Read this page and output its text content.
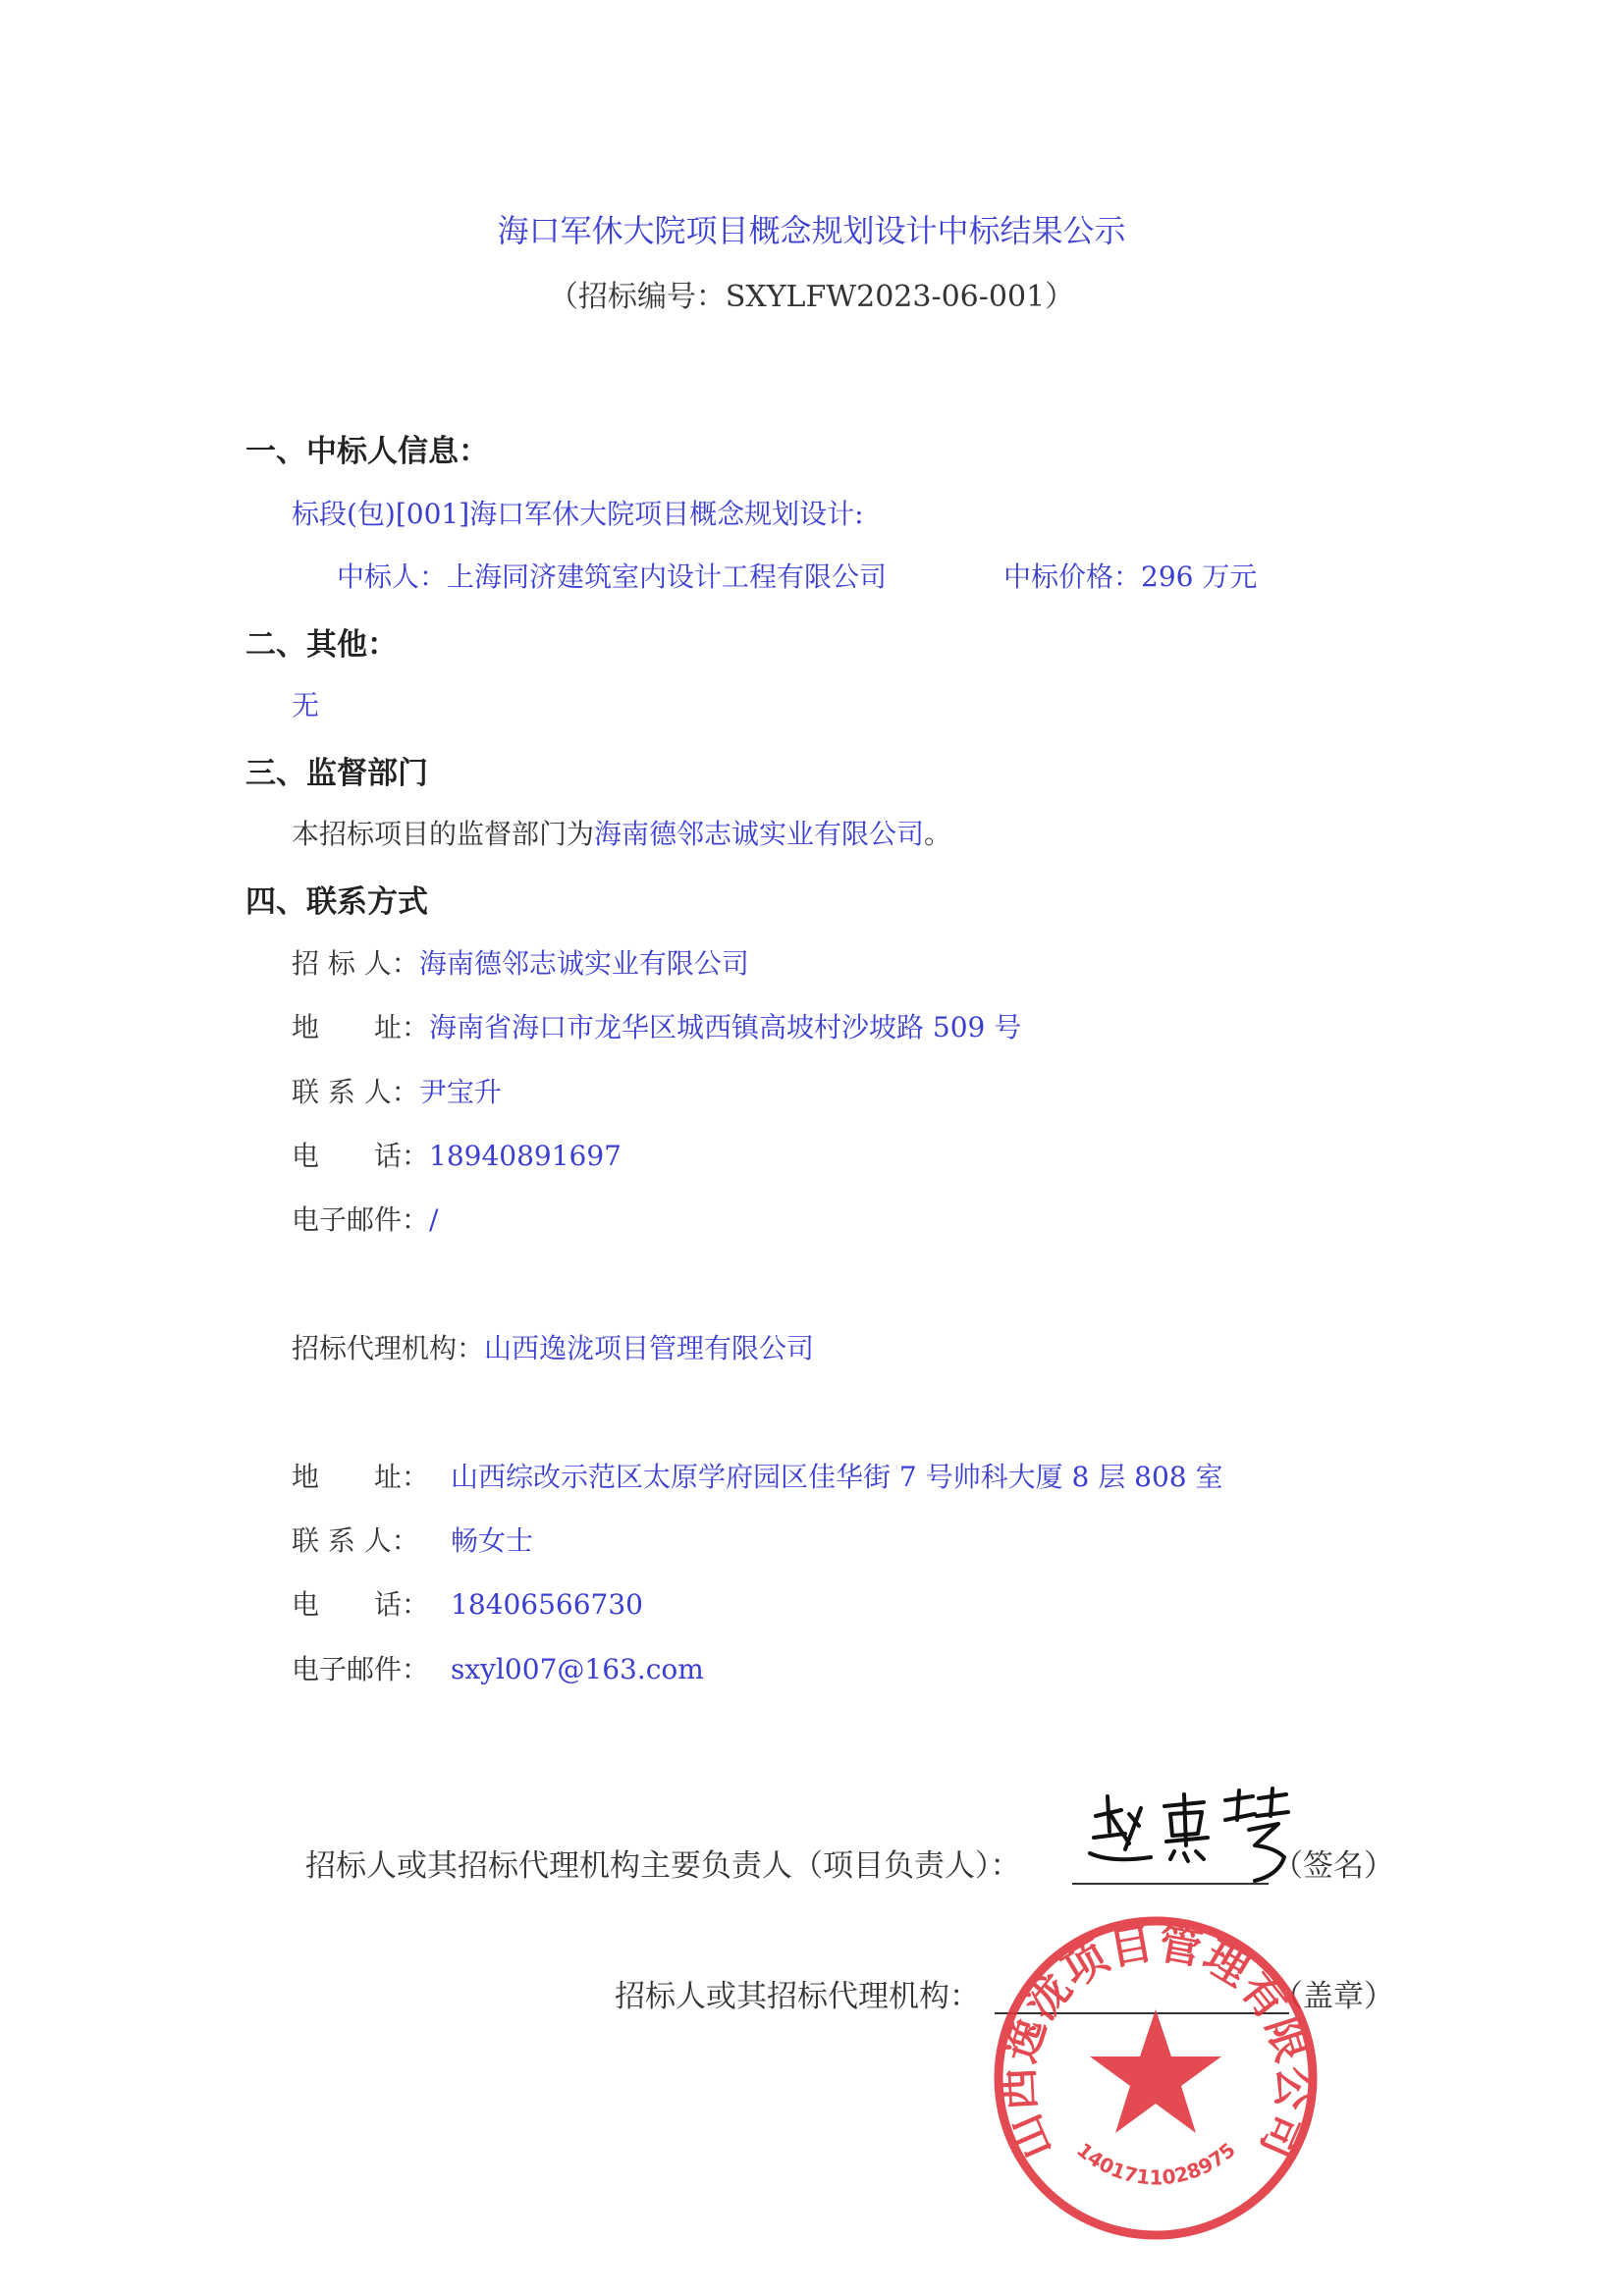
海口军休大院项目概念规划设计中标结果公示
（招标编号：SXYLFW2023-06-001）
一、中标人信息：
标段(包)[001]海口军休大院项目概念规划设计:
中标人：上海同济建筑室内设计工程有限公司	中标价格：296 万元
二、其他：
无
三、监督部门
本招标项目的监督部门为海南德邻志诚实业有限公司。
四、联系方式
招 标 人：海南德邻志诚实业有限公司
地　　址：海南省海口市龙华区城西镇高坡村沙坡路 509 号
联 系 人：尹宝升
电　　话：18940891697
电子邮件：/
招标代理机构：山西逸泷项目管理有限公司
地　　址： 山西综改示范区太原学府园区佳华街 7 号帅科大厦 8 层 808 室
联 系 人： 畅女士
电　　话： 18406566730
电子邮件： sxyl007@163.com
招标人或其招标代理机构主要负责人（项目负责人）：	（签名）
招标人或其招标代理机构：	（盖章）
山西逸泷项目管理有限公司
1401711028975
